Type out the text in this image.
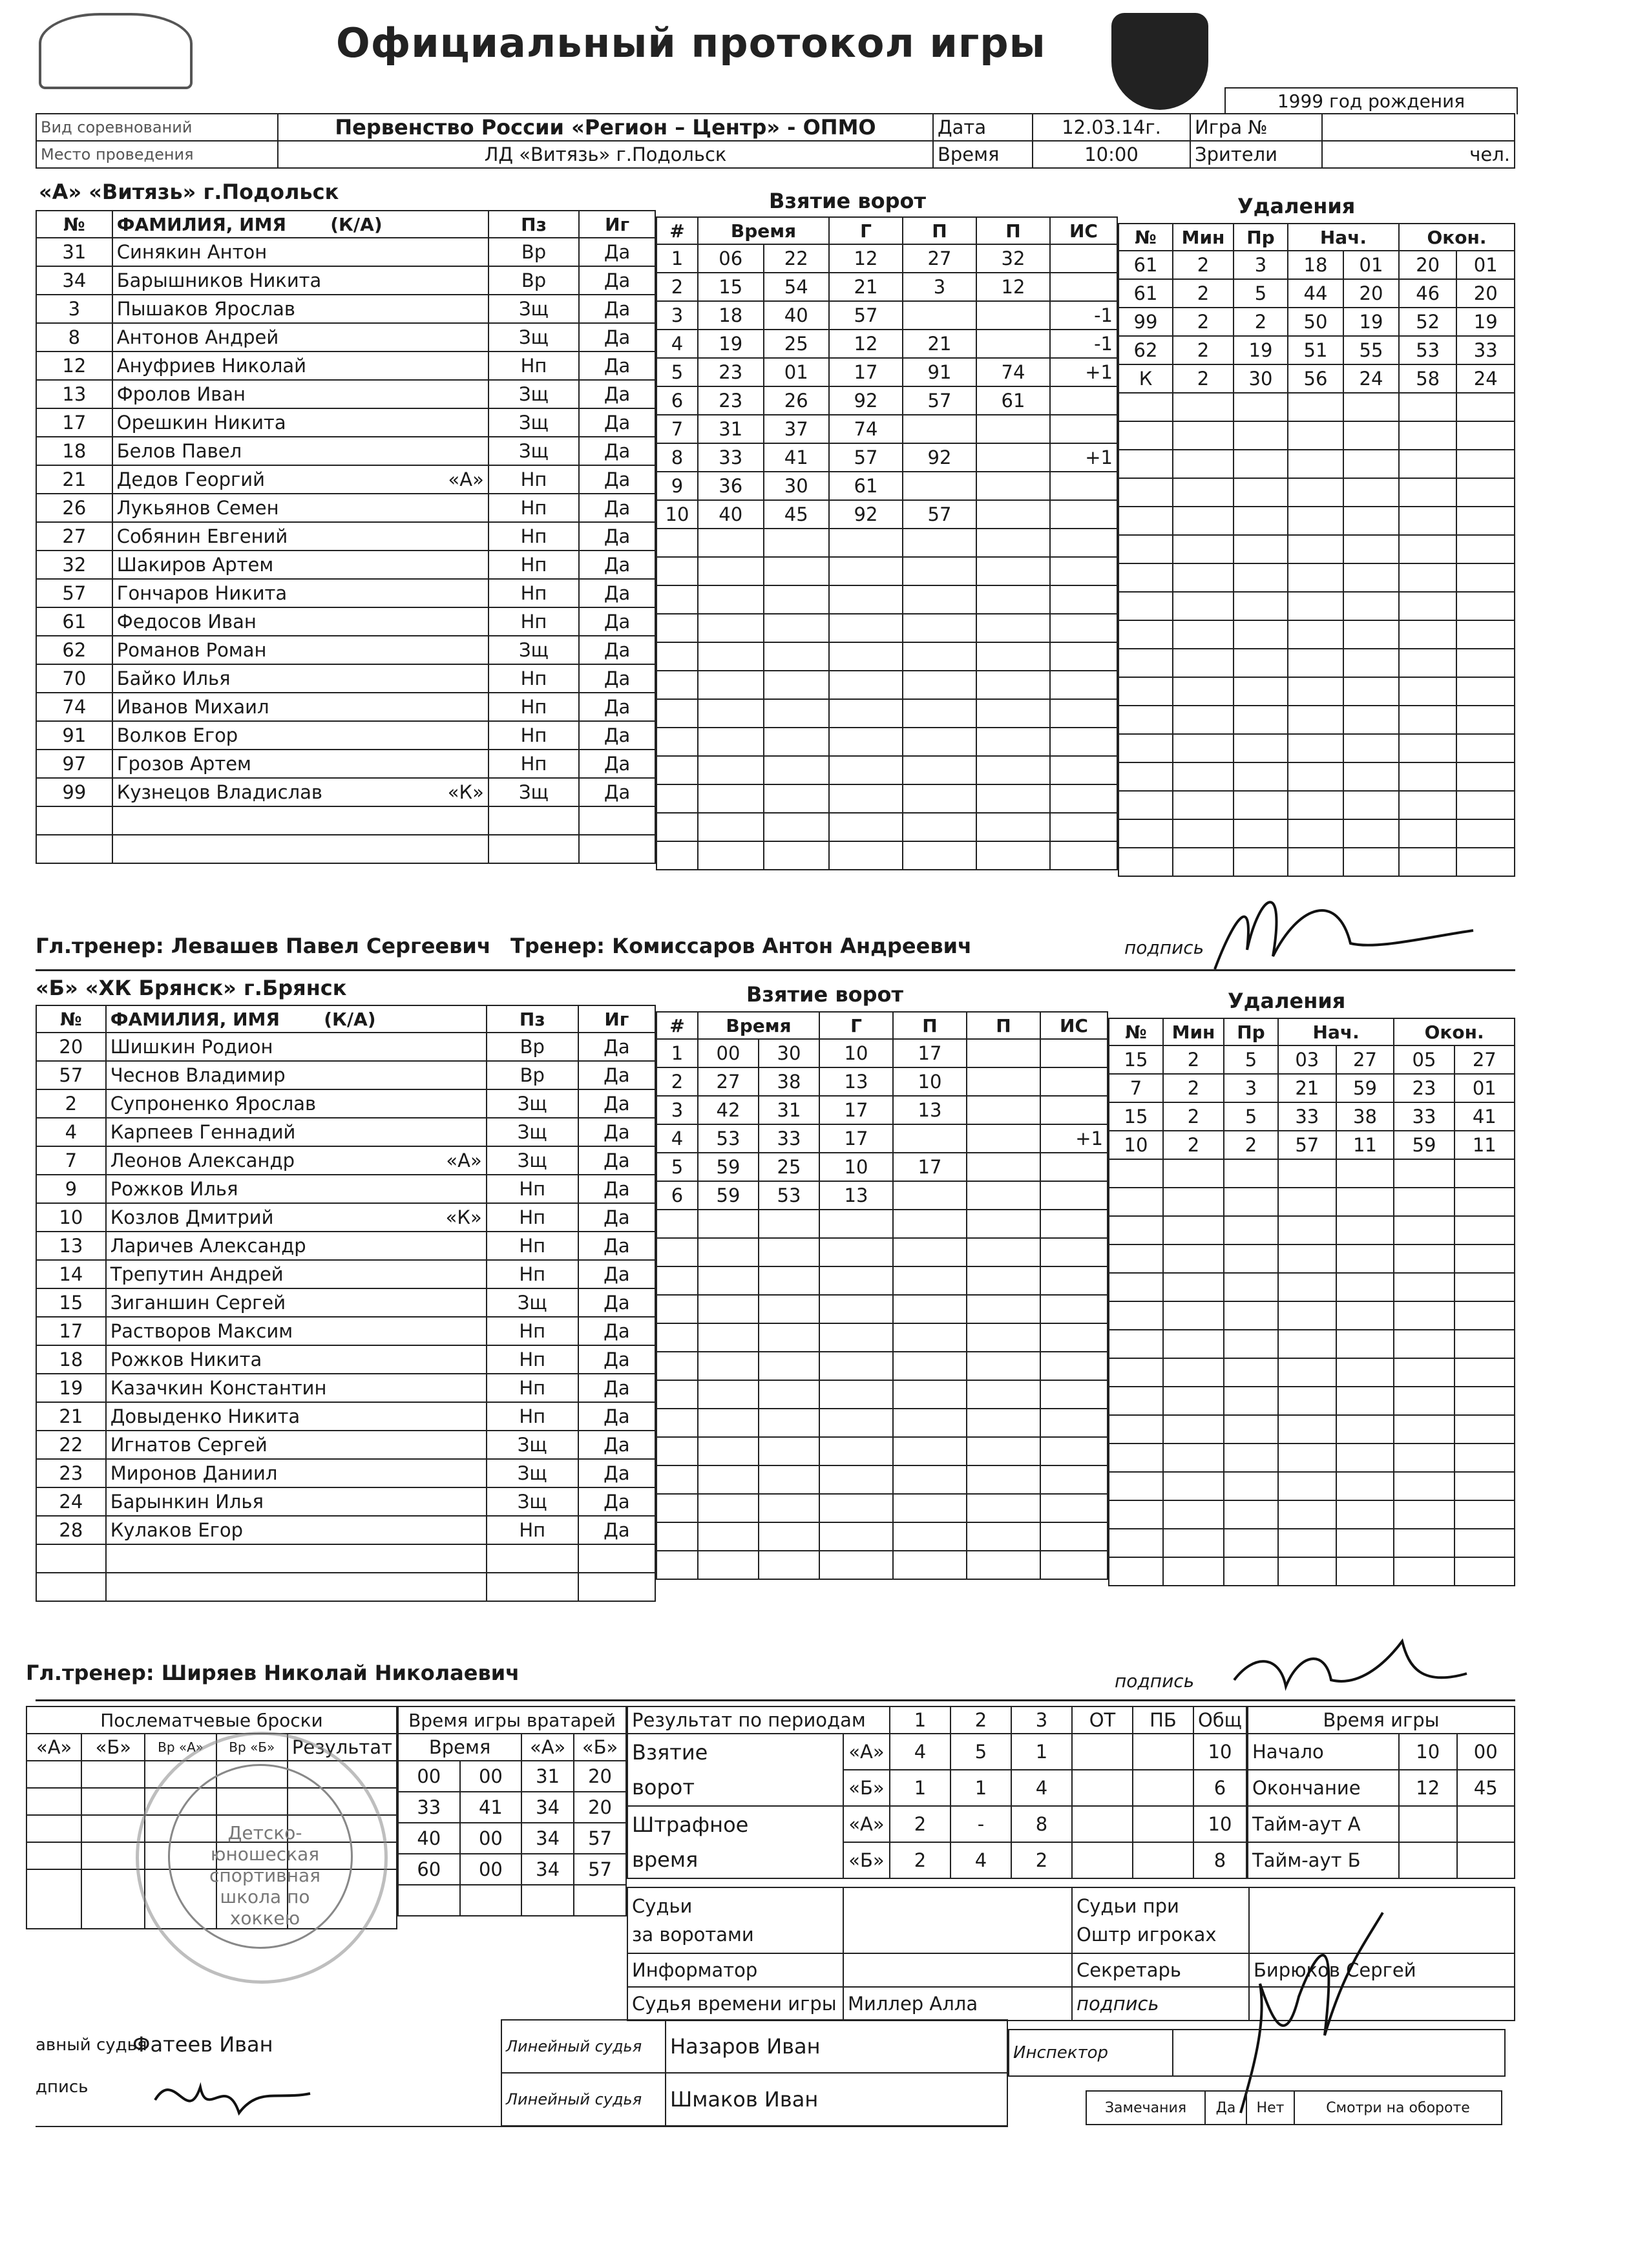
Официальный протокол игры
Вид соревнований	Первенство России «Регион – Центр» - ОПМО	Дата	12.03.14г.	Игра №	
Место проведения	ЛД «Витязь» г.Подольск	Время	10:00	Зрители	чел.
1999 год рождения
«А» «Витязь» г.Подольск
№	ФАМИЛИЯ, ИМЯ (К/А)	Пз	Иг
31	Синякин Антон	Вр	Да
34	Барышников Никита	Вр	Да
3	Пышаков Ярослав	Зщ	Да
8	Антонов Андрей	Зщ	Да
12	Ануфриев Николай	Нп	Да
13	Фролов Иван	Зщ	Да
17	Орешкин Никита	Зщ	Да
18	Белов Павел	Зщ	Да
21	Дедов Георгий «А»	Нп	Да
26	Лукьянов Семен	Нп	Да
27	Собянин Евгений	Нп	Да
32	Шакиров Артем	Нп	Да
57	Гончаров Никита	Нп	Да
61	Федосов Иван	Нп	Да
62	Романов Роман	Зщ	Да
70	Байко Илья	Нп	Да
74	Иванов Михаил	Нп	Да
91	Волков Егор	Нп	Да
97	Грозов Артем	Нп	Да
99	Кузнецов Владислав «К»	Зщ	Да

Взятие ворот
#	Время		Г	П	П	ИС
1	06	22	12	27	32	
2	15	54	21	3	12	
3	18	40	57			-1
4	19	25	12	21		-1
5	23	01	17	91	74	+1
6	23	26	92	57	61	
7	31	37	74			
8	33	41	57	92		+1
9	36	30	61			
10	40	45	92	57		

Удаления
№	Мин	Пр	Нач.		Окон.	
61	2	3	18	01	20	01
61	2	5	44	20	46	20
99	2	2	50	19	52	19
62	2	19	51	55	53	33
К	2	30	56	24	58	24

Гл.тренер: Левашев Павел Сергеевич Тренер: Комиссаров Антон Андреевич	подпись
«Б» «ХК Брянск» г.Брянск
№	ФАМИЛИЯ, ИМЯ (К/А)	Пз	Иг
20	Шишкин Родион	Вр	Да
57	Чеснов Владимир	Вр	Да
2	Супроненко Ярослав	Зщ	Да
4	Карпеев Геннадий	Зщ	Да
7	Леонов Александр «А»	Зщ	Да
9	Рожков Илья	Нп	Да
10	Козлов Дмитрий «К»	Нп	Да
13	Ларичев Александр	Нп	Да
14	Трепутин Андрей	Нп	Да
15	Зиганшин Сергей	Зщ	Да
17	Растворов Максим	Нп	Да
18	Рожков Никита	Нп	Да
19	Казачкин Константин	Нп	Да
21	Довыденко Никита	Нп	Да
22	Игнатов Сергей	Зщ	Да
23	Миронов Даниил	Зщ	Да
24	Барынкин Илья	Зщ	Да
28	Кулаков Егор	Нп	Да

Взятие ворот
#	Время		Г	П	П	ИС
1	00	30	10	17		
2	27	38	13	10		
3	42	31	17	13		
4	53	33	17			+1
5	59	25	10	17		
6	59	53	13			

Удаления
№	Мин	Пр	Нач.		Окон.	
15	2	5	03	27	05	27
7	2	3	21	59	23	01
15	2	5	33	38	33	41
10	2	2	57	11	59	11

Гл.тренер: Ширяев Николай Николаевич	подпись
Послематчевые броски				
«А»	«Б»	Вр «А»	Вр «Б»	Результат

Детско-юношеская спортивная школа по хоккею
Время игры вратарей			
Время		«А»	«Б»
00	00	31	20
33	41	34	20
40	00	34	57
60	00	34	57

Результат по периодам		1	2	3	ОТ	ПБ	Общ
Взятие
ворот	«А»	4	5	1			10
	«Б»	1	1	4			6
Штрафное
время	«А»	2	-	8			10
	«Б»	2	4	2			8
Время игры		
Начало	10	00
Окончание	12	45
Тайм-аут А		
Тайм-аут Б		
Судьи
за воротами		Судьи при
Оштр игроках	
Информатор		Секретарь	Бирюков Сергей
Судья времени игры	Миллер Алла	подпись	
авный судья
Фатеев Иван
дпись
Линейный судья	Назаров Иван
Линейный судья	Шмаков Иван
Инспектор	
Замечания	Да	Нет	Смотри на обороте
